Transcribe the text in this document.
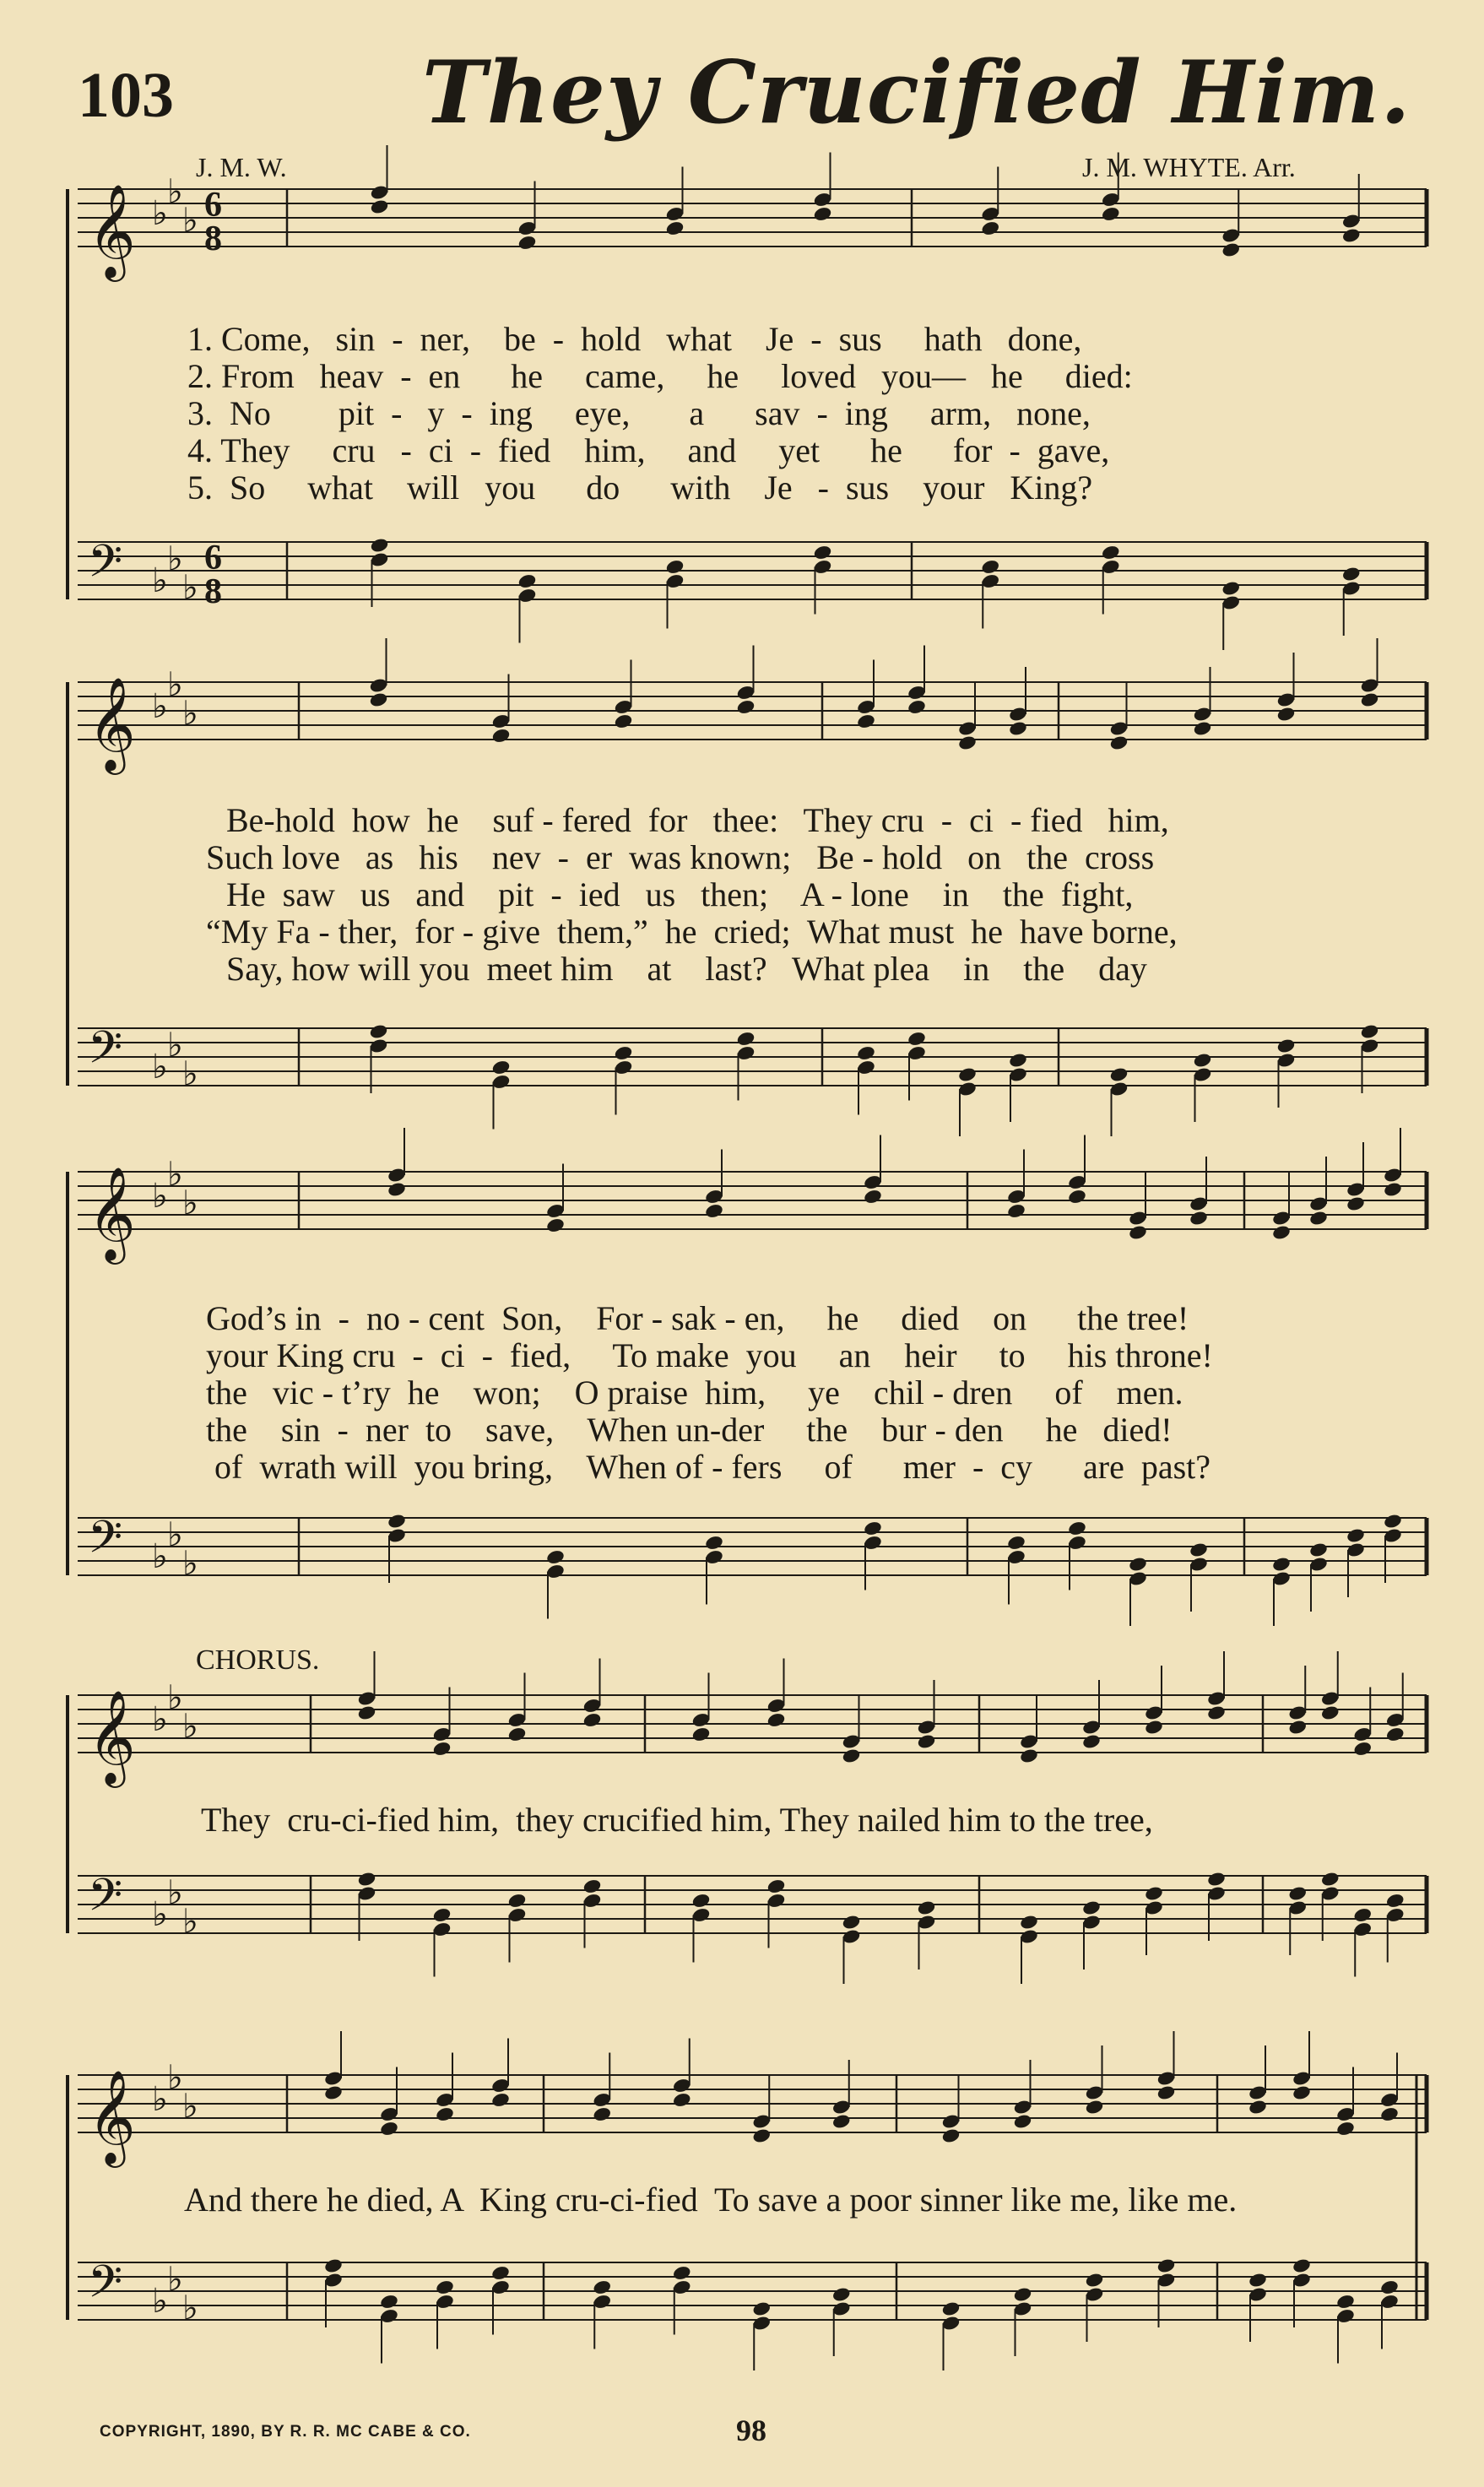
103	They Crucified Him.
J. M. W.	J. M. WHYTE. Arr.
𝄞 ♭
♭
♭
𝄢 ♭
♭
♭
𝄞 ♭
♭
♭
𝄢 ♭
♭
♭
𝄞 ♭
♭
♭
𝄢 ♭
♭
♭
𝄞 ♭
♭
♭
𝄢 ♭
♭
♭
𝄞 ♭
♭
♭
𝄢 ♭
♭
♭
6
8
6
8
1. Come,   sin  -  ner,    be  -  hold   what    Je  -  sus     hath   done,
2. From   heav  -  en      he     came,     he     loved   you—   he     died:
3.  No        pit  -   y  -  ing     eye,       a      sav  -  ing     arm,   none,
4. They     cru   -  ci  -  fied    him,     and     yet      he      for  -  gave,
5.  So     what    will   you      do      with    Je   -  sus    your   King?
Be-hold  how  he    suf - fered  for   thee:   They cru  -  ci  - fied   him,
Such love   as   his    nev  -  er  was known;   Be - hold   on   the  cross
He  saw   us   and    pit  -  ied   us   then;    A - lone    in    the  fight,
“My Fa - ther,  for - give  them,”  he  cried;  What must  he  have borne,
Say, how will you  meet him    at    last?   What plea    in    the    day
God’s in  -  no - cent  Son,    For - sak - en,     he     died    on      the tree!
your King cru  -  ci  -  fied,     To make  you     an    heir     to     his throne!
the   vic - t’ry  he    won;    O praise  him,     ye    chil - dren     of    men.
the    sin  -  ner  to    save,    When un-der     the    bur - den     he   died!
of  wrath will  you bring,    When of - fers     of      mer  -  cy      are  past?
CHORUS.
They  cru-ci-fied him,  they crucified him, They nailed him to the tree,
And there he died, A  King cru-ci-fied  To save a poor sinner like me, like me.
COPYRIGHT, 1890, BY R. R. MC CABE & CO.	98
